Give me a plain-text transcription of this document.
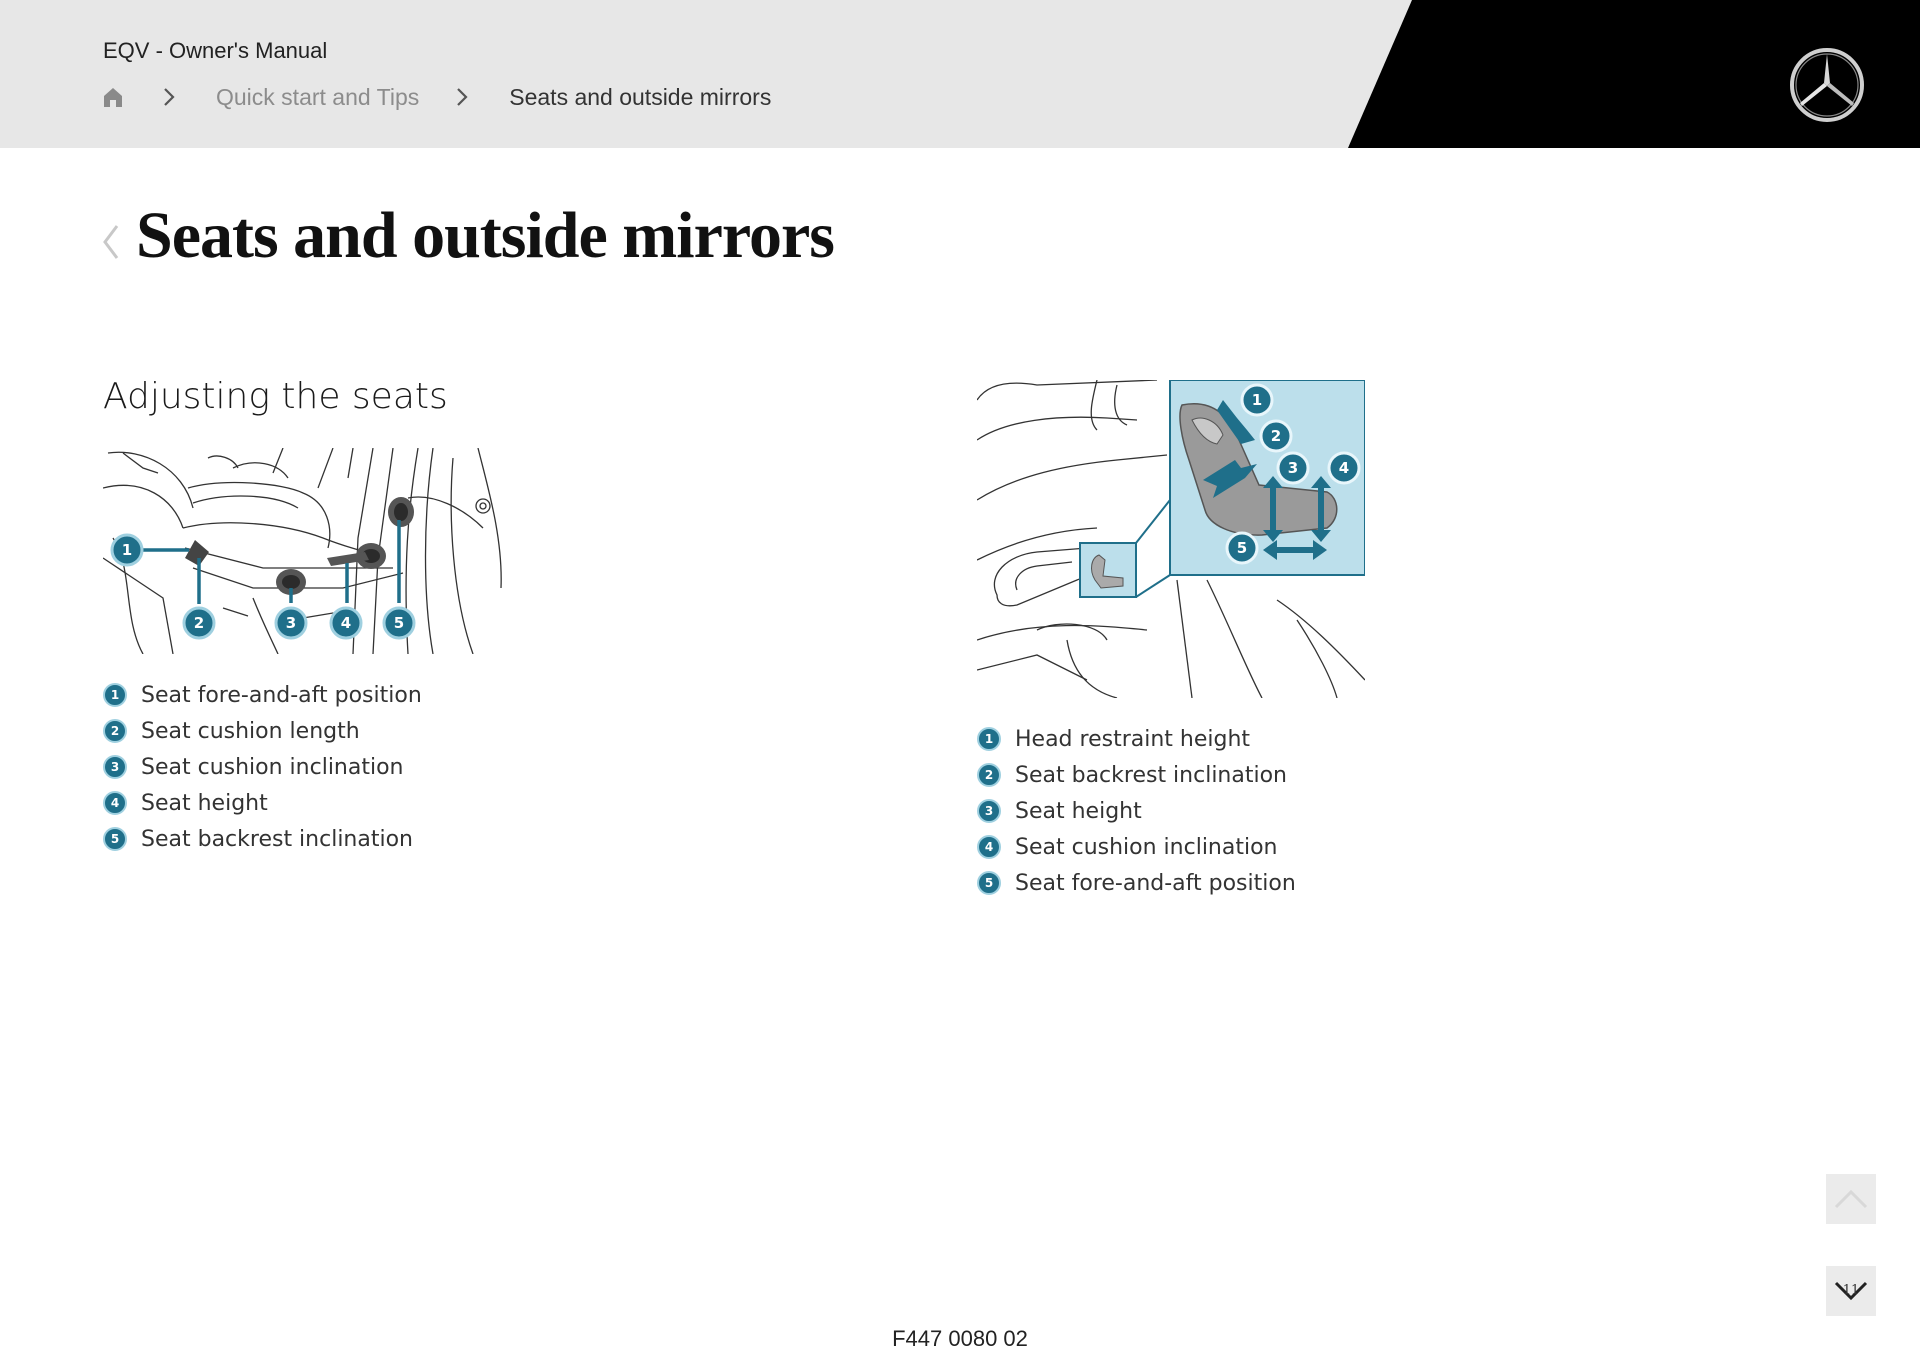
EQV - Owner's Manual
Quick start and Tips	Seats and outside mirrors
Seats and outside mirrors
Adjusting the seats
1
2	3	4	5
1 Seat fore-and-aft position
2 Seat cushion length
3 Seat cushion inclination
4 Seat height
5 Seat backrest inclination
1
2
3	4
5
1 Head restraint height
2 Seat backrest inclination
3 Seat height
4 Seat cushion inclination
5 Seat fore-and-aft position
11
F447 0080 02
